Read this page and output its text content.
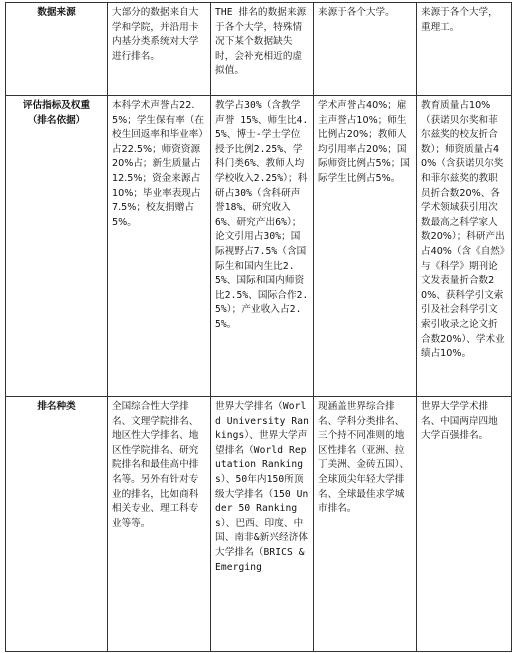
数据来源	大部分的数据来自大学和学院，并沿用卡内基分类系统对大学进行排名。	THE 排名的数据来源于各个大学，特殊情况下某个数据缺失时，会补充相近的虚拟值。	来源于各个大学。	来源于各个大学，重理工。

评估指标及权重
（排名依据）	本科学术声誉占22.5%；学生保有率（在校生回返率和毕业率）占22.5%；师资资源 20%占；新生质量占12.5%；资金来源占10%；毕业率表现占7.5%；校友捐赠占5%。	教学占30%（含教学声誉 15%、师生比4.5%、博士-学士学位授予比例2.25%、学科门类6%、教师人均学校收入2.25%）；科研占30%（含科研声誉18%、研究收入6%、研究产出6%）；论文引用占30%；国际视野占7.5%（含国际生和国内生比2.5%、国际和国内师资比2.5%、国际合作2.5%）；产业收入占2.5%。	学术声誉占40%；雇主声誉占10%；师生比例占20%；教师人均引用率占20%；国际师资比例占5%；国际学生比例占5%。	教育质量占10%（获诺贝尔奖和菲尔兹奖的校友折合数）；师资质量占40%（含获诺贝尔奖和菲尔兹奖的教职员折合数20%、各学术领域获引用次数最高之科学家人数20%）；科研产出占40%（含《自然》与《科学》期刊论文发表量折合数20%、获科学引文索引及社会科学引文索引收录之论文折合数20%）、学术业绩占10%。

排名种类	全国综合性大学排名、文理学院排名、地区性大学排名、地区性学院排名、研究院排名和最佳高中排名等。另外有针对专业的排名，比如商科相关专业、理工科专业等等。	世界大学排名（World University Rankings）、世界大学声望排名（World Reputation Rankings）、50年内150所顶级大学排名（150 Under 50 Rankings）、巴西、印度、中国、南非&新兴经济体大学排名（BRICS & Emerging	现涵盖世界综合排名、学科分类排名、三个持不同准则的地区性排名（亚洲、拉丁美洲、金砖五国）、全球顶尖年轻大学排名、全球最佳求学城市排名。	世界大学学术排名、中国两岸四地大学百强排名。
